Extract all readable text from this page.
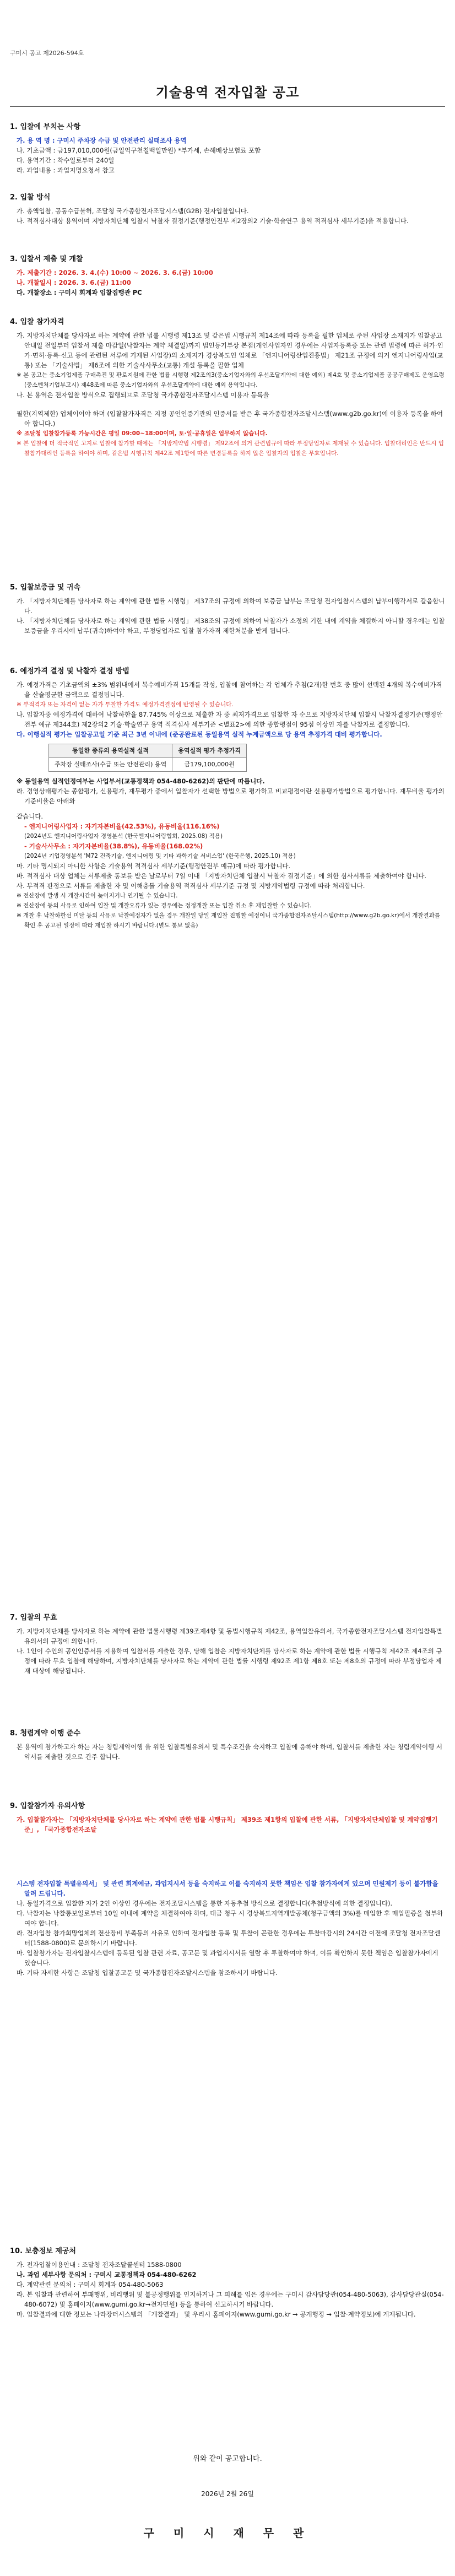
구미시 공고 제2026-594호
기술용역 전자입찰 공고
1. 입찰에 부치는 사항

가. 용 역 명 : 구미시 주차장 수급 및 안전관리 실태조사 용역

나. 기초금액 : 금197,010,000원(금일억구천칠백일만원) *부가세, 손해배상보험료 포함

다. 용역기간 : 착수일로부터 240일

라. 과업내용 : 과업지명요청서 참고

2. 입찰 방식

가. 총액입찰, 공동수급불허, 조달청 국가종합전자조달시스템(G2B) 전자입찰입니다.

나. 적격심사대상 용역이며 지방자치단체 입찰시 낙찰자 결정기준(행정안전부 제2장의2 기술·학술연구 용역 적격심사 세부기준)을 적용합니다.

3. 입찰서 제출 및 개찰

가. 제출기간 : 2026. 3. 4.(수) 10:00 ~ 2026. 3. 6.(금) 10:00

나. 개찰일시 : 2026. 3. 6.(금) 11:00

다. 개찰장소 : 구미시 회계과 입찰집행관 PC

4. 입찰 참가자격

가. 지방자치단체를 당사자로 하는 계약에 관한 법률 시행령 제13조 및 같은법 시행규칙 제14조에 따라 등록을 필한 업체로 주된 사업장 소재지가 입찰공고 안내일 전일부터 입찰서 제출 마감일(낙찰자는 계약 체결일)까지 법인등기부상 본점(개인사업자인 경우에는 사업자등록증 또는 관련 법령에 따른 허가·인가·면허·등록·신고 등에 관련된 서류에 기재된 사업장)의 소재지가 경상북도인 업체로 「엔지니어링산업진흥법」 제21조 규정에 의거 엔지니어링사업(교통) 또는 「기술사법」 제6조에 의한 기술사사무소(교통) 개설 등록을 필한 업체

※ 본 공고는 중소기업제품 구매촉진 및 판로지원에 관한 법률 시행령 제2조의3(중소기업자와의 우선조달계약에 대한 예외) 제4호 및 중소기업제품 공공구매제도 운영요령(중소벤처기업부고시) 제48조에 따른 중소기업자와의 우선조달계약에 대한 예외 용역입니다.

나. 본 용역은 전자입찰 방식으로 집행되므로 조달청 국가종합전자조달시스템 이용자 등록을

필한(지역제한) 업체이어야 하며 (입찰참가자격은 지정 공인인증기관의 인증서를 받은 후 국가종합전자조달시스템(www.g2b.go.kr)에 이용자 등록을 하여야 합니다.)

※ 조달청 입찰참가등록 가능시간은 평일 09:00~18:00이며, 토·일·공휴일은 업무하지 않습니다.

※ 본 입찰에 더 적극적인 고지로 입찰에 참가할 때에는 「지방계약법 시행령」 제92조에 의거 관련법규에 따라 부정당업자로 제재될 수 있습니다. 입찰대리인은 반드시 입찰참가대리인 등록을 하여야 하며, 같은법 시행규칙 제42조 제1항에 따른 변경등록을 하지 않은 입찰자의 입찰은 무효입니다.

5. 입찰보증금 및 귀속

가. 「지방자치단체를 당사자로 하는 계약에 관한 법률 시행령」 제37조의 규정에 의하여 보증금 납부는 조달청 전자입찰시스템의 납부이행각서로 갈음합니다.

나. 「지방자치단체를 당사자로 하는 계약에 관한 법률 시행령」 제38조의 규정에 의하여 낙찰자가 소정의 기한 내에 계약을 체결하지 아니할 경우에는 입찰보증금을 우리시에 납부(귀속)하여야 하고, 부정당업자로 입찰 참가자격 제한처분을 받게 됩니다.

6. 예정가격 결정 및 낙찰자 결정 방법

가. 예정가격은 기초금액의 ±3% 범위내에서 복수예비가격 15개를 작성, 입찰에 참여하는 각 업체가 추첨(2개)한 번호 중 많이 선택된 4개의 복수예비가격을 산술평균한 금액으로 결정됩니다.

※ 부적격자 또는 자격이 없는 자가 투찰한 가격도 예정가격결정에 반영될 수 있습니다.

나. 입찰자중 예정가격에 대하여 낙찰하한율 87.745% 이상으로 제출한 자 중 최저가격으로 입찰한 자 순으로 지방자치단체 입찰시 낙찰자결정기준(행정안전부 예규 제344호) 제2장의2 기술·학술연구 용역 적격심사 세부기준 <별표2>에 의한 종합평점이 95점 이상인 자를 낙찰자로 결정합니다.

다. 이행실적 평가는 입찰공고일 기준 최근 3년 이내에 (준공완료된 동일용역 실적 누계금액으로 당 용역 추정가격 대비 평가합니다.

동일한 종류의 용역실적 실적	용역실적 평가 추정가격
주차장 실태조사(수급 또는 안전관리) 용역	금179,100,000원

※ 동일용역 실적인정여부는 사업부서(교통정책과 054-480-6262)의 판단에 따릅니다.

라. 경영상태평가는 종합평가, 신용평가, 재무평가 중에서 입찰자가 선택한 방법으로 평가하고 비교평점이란 신용평가방법으로 평가합니다. 재무비율 평가의 기준비율은 아래와

같습니다.

- 엔지니어링사업자 : 자기자본비율(42.53%), 유동비율(116.16%)

(2024년도 엔지니어링사업자 경영분석 (한국엔지니어링협회, 2025.08) 적용)

- 기술사사무소 : 자기자본비율(38.8%), 유동비율(168.02%)

(2024년 기업경영분석 'M72 건축기술, 엔지니어링 및 기타 과학기술 서비스업' (한국은행, 2025.10) 적용)

마. 기타 명시되지 아니한 사항은 기술용역 적격심사 세부기준(행정안전부 예규)에 따라 평가합니다.

바. 적격심사 대상 업체는 서류제출 통보를 받은 날로부터 7일 이내 「지방자치단체 입찰시 낙찰자 결정기준」에 의한 심사서류를 제출하여야 합니다.

사. 부적격 판정으로 서류를 제출한 자 및 이해충돌 기술용역 적격심사 세부기준 규정 및 지방계약법령 규정에 따라 처리합니다.

※ 전산장애 발생 시 개찰시간이 늦어지거나 연기될 수 있습니다.

※ 전산장애 등의 사유로 인하여 입찰 및 개찰오류가 있는 경우에는 정정개찰 또는 입찰 취소 후 재입찰할 수 있습니다.

※ 개찰 후 낙찰하한선 미달 등의 사유로 낙찰예정자가 없을 경우 개찰일 당일 재입찰 진행할 예정이니 국가종합전자조달시스템(http://www.g2b.go.kr)에서 개찰결과를 확인 후 공고된 일정에 따라 재입찰 하시기 바랍니다.(별도 통보 없음)

7. 입찰의 무효

가. 지방자치단체를 당사자로 하는 계약에 관한 법률시행령 제39조제4항 및 동법시행규칙 제42조, 용역입찰유의서, 국가종합전자조달시스템 전자입찰특별유의서의 규정에 의합니다.

나. 1인이 수인의 공인인증서를 지용하여 입찰서를 제출한 경우, 당해 입찰은 지방자치단체를 당사자로 하는 계약에 관한 법률 시행규칙 제42조 제4조의 규정에 따라 무효 입찰에 해당하며, 지방자치단체를 당사자로 하는 계약에 관한 법률 시행령 제92조 제1항 제8호 또는 제8호의 규정에 따라 부정당업자 제재 대상에 해당됩니다.

8. 청렴계약 이행 준수

본 용역에 참가하고자 하는 자는 청렴계약이행 을 위한 입찰특별유의서 및 특수조건을 숙지하고 입찰에 응해야 하며, 입찰서를 제출한 자는 청렴계약이행 서약서를 제출한 것으로 간주 합니다.

9. 입찰참가자 유의사항

가. 입찰참가자는 「지방자치단체를 당사자로 하는 계약에 관한 법률 시행규칙」 제39조 제1항의 입찰에 관한 서류, 「지방자치단체입찰 및 계약집행기준」, 「국가종합전자조달

시스템 전자입찰 특별유의서」 및 관련 회계예규, 과업지시서 등을 숙지하고 이를 숙지하지 못한 책임은 입찰 참가자에게 있으며 민원제기 등이 불가함을 알려 드립니다.

나. 동일가격으로 입찰한 자가 2인 이상인 경우에는 전자조달시스템을 통한 자동추첨 방식으로 결정합니다(추첨방식에 의한 결정입니다).

다. 낙찰자는 낙찰통보일로부터 10일 이내에 계약을 체결하여야 하며, 대금 청구 시 경상북도지역개발공채(청구금액의 3%)를 매입한 후 매입필증을 첨부하여야 합니다.

라. 전자입찰 참가희망업체의 전산장비 부족등의 사유로 인하여 전자입찰 등록 및 투찰이 곤란한 경우에는 투찰마감시의 24시간 이전에 조달청 전자조달센터(1588-0800)로 문의하시기 바랍니다.

마. 입찰참가자는 전자입찰시스템에 등록된 입찰 관련 자료, 공고문 및 과업지시서를 열람 후 투찰하여야 하며, 이를 확인하지 못한 책임은 입찰참가자에게 있습니다.

바. 기타 자세한 사항은 조달청 입찰공고문 및 국가종합전자조달시스템을 참조하시기 바랍니다.

10. 보충정보 제공처

가. 전자입찰이용안내 : 조달청 전자조달콜센터 1588-0800

나. 과업 세부사항 문의처 : 구미시 교통정책과 054-480-6262

다. 계약관련 문의처 : 구미시 회계과 054-480-5063

라. 본 입찰과 관련하여 부패행위, 비리행위 및 불공정행위를 인지하거나 그 피해를 입은 경우에는 구미시 감사담당관(054-480-5063), 감사담당관실(054-480-6072) 및 홈페이지(www.gumi.go.kr→전자민원) 등을 통하여 신고하시기 바랍니다.

마. 입찰결과에 대한 정보는 나라장터시스템의 「개찰결과」 및 우리시 홈페이지(www.gumi.go.kr → 공개행정 → 입찰·계약정보)에 게재됩니다.

위와 같이 공고합니다.
2026년 2월 26일
구 미 시 재 무 관
